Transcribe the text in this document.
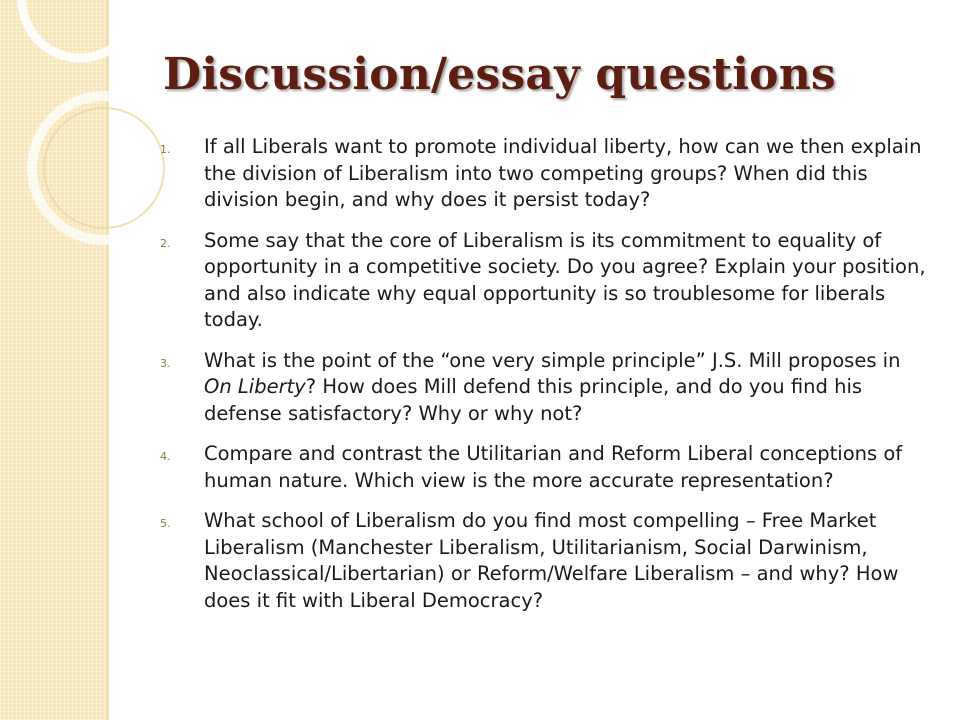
Discussion/essay questions
1. If all Liberals want to promote individual liberty, how can we then explain the division of Liberalism into two competing groups? When did this division begin, and why does it persist today?
2. Some say that the core of Liberalism is its commitment to equality of opportunity in a competitive society. Do you agree? Explain your position, and also indicate why equal opportunity is so troublesome for liberals today.
3. What is the point of the “one very simple principle” J.S. Mill proposes in On Liberty? How does Mill defend this principle, and do you find his defense satisfactory? Why or why not?
4. Compare and contrast the Utilitarian and Reform Liberal conceptions of human nature. Which view is the more accurate representation?
5. What school of Liberalism do you find most compelling – Free Market Liberalism (Manchester Liberalism, Utilitarianism, Social Darwinism, Neoclassical/Libertarian) or Reform/Welfare Liberalism – and why? How does it fit with Liberal Democracy?
